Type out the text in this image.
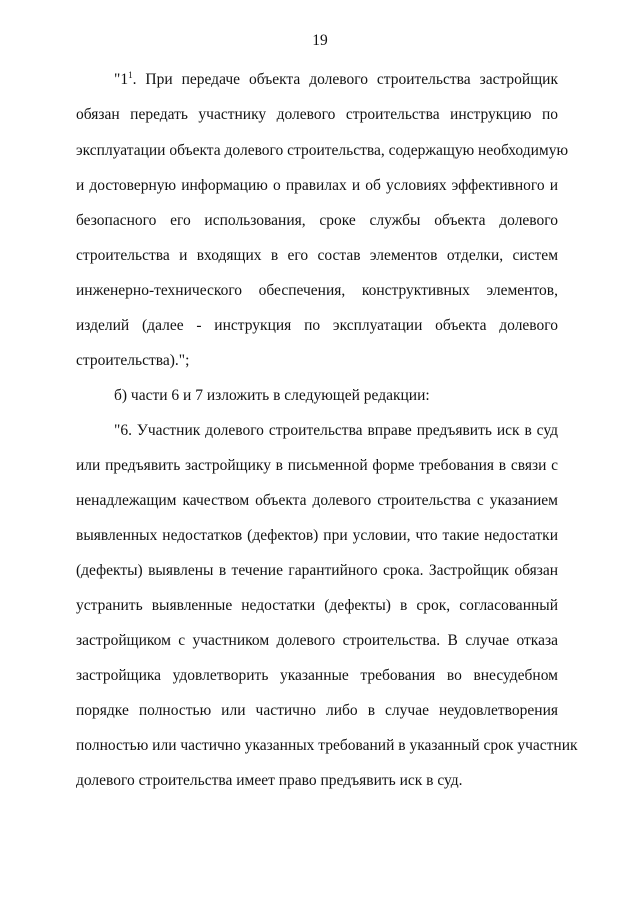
19
"$1^1$. При передаче объекта долевого строительства застройщик
обязан передать участнику долевого строительства инструкцию по
эксплуатации объекта долевого строительства, содержащую необходимую
и достоверную информацию о правилах и об условиях эффективного и
безопасного его использования, сроке службы объекта долевого
строительства и входящих в его состав элементов отделки, систем
инженерно-технического обеспечения, конструктивных элементов,
изделий (далее - инструкция по эксплуатации объекта долевого
строительства).";
б) части 6 и 7 изложить в следующей редакции:
"6. Участник долевого строительства вправе предъявить иск в суд
или предъявить застройщику в письменной форме требования в связи с
ненадлежащим качеством объекта долевого строительства с указанием
выявленных недостатков (дефектов) при условии, что такие недостатки
(дефекты) выявлены в течение гарантийного срока. Застройщик обязан
устранить выявленные недостатки (дефекты) в срок, согласованный
застройщиком с участником долевого строительства. В случае отказа
застройщика удовлетворить указанные требования во внесудебном
порядке полностью или частично либо в случае неудовлетворения
полностью или частично указанных требований в указанный срок участник
долевого строительства имеет право предъявить иск в суд.
